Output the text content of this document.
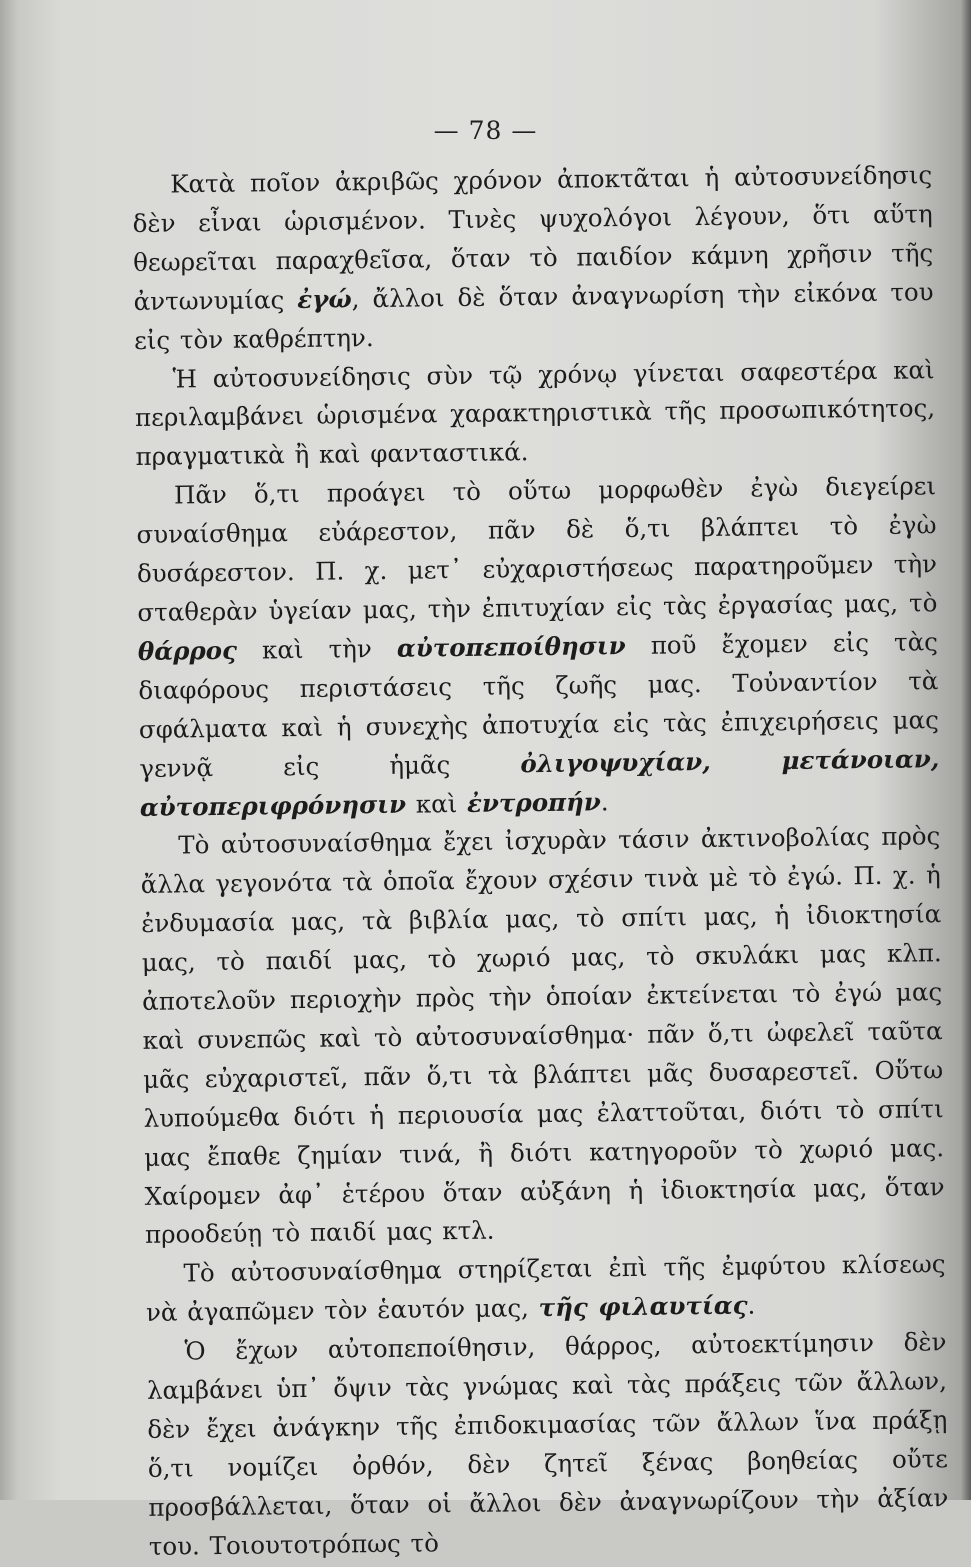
— 78 —

Κατὰ ποῖον ἀκριβῶς χρόνον ἀποκτᾶται ἡ αὐτοσυνείδησις δὲν εἶναι ὡρισμένον. Τινὲς ψυχολόγοι λέγουν, ὅτι αὕτη θεωρεῖται παραχθεῖσα, ὅταν τὸ παιδίον κάμνη χρῆσιν τῆς ἀντωνυμίας ἐγώ, ἄλλοι δὲ ὅταν ἀναγνωρίση τὴν εἰκόνα του εἰς τὸν καθρέπτην.

Ἡ αὐτοσυνείδησις σὺν τῷ χρόνῳ γίνεται σαφεστέρα καὶ περιλαμβάνει ὡρισμένα χαρακτηριστικὰ τῆς προσωπικότητος, πραγματικὰ ἢ καὶ φανταστικά.

Πᾶν ὅ,τι προάγει τὸ οὕτω μορφωθὲν ἐγὼ διεγείρει συναίσθημα εὐάρεστον, πᾶν δὲ ὅ,τι βλάπτει τὸ ἐγὼ δυσάρεστον. Π. χ. μετ᾽ εὐχαριστήσεως παρατηροῦμεν τὴν σταθερὰν ὑγείαν μας, τὴν ἐπιτυχίαν εἰς τὰς ἐργασίας μας, τὸ θάρρος καὶ τὴν αὐτοπεποίθησιν ποῦ ἔχομεν εἰς τὰς διαφόρους περιστάσεις τῆς ζωῆς μας. Τοὐναντίον τὰ σφάλματα καὶ ἡ συνεχὴς ἀποτυχία εἰς τὰς ἐπιχειρήσεις μας γεννᾷ εἰς ἡμᾶς ὀλιγοψυχίαν, μετάνοιαν, αὐτοπεριφρόνησιν καὶ ἐντροπήν.

Τὸ αὐτοσυναίσθημα ἔχει ἰσχυρὰν τάσιν ἀκτινοβολίας πρὸς ἄλλα γεγονότα τὰ ὁποῖα ἔχουν σχέσιν τινὰ μὲ τὸ ἐγώ. Π. χ. ἡ ἐνδυμασία μας, τὰ βιβλία μας, τὸ σπίτι μας, ἡ ἰδιοκτησία μας, τὸ παιδί μας, τὸ χωριό μας, τὸ σκυλάκι μας κλπ. ἀποτελοῦν περιοχὴν πρὸς τὴν ὁποίαν ἐκτείνεται τὸ ἐγώ μας καὶ συνεπῶς καὶ τὸ αὐτοσυναίσθημα· πᾶν ὅ,τι ὠφελεῖ ταῦτα μᾶς εὐχαριστεῖ, πᾶν ὅ,τι τὰ βλάπτει μᾶς δυσαρεστεῖ. Οὕτω λυπούμεθα διότι ἡ περιουσία μας ἐλαττοῦται, διότι τὸ σπίτι μας ἔπαθε ζημίαν τινά, ἢ διότι κατηγοροῦν τὸ χωριό μας. Χαίρομεν ἀφ᾽ ἑτέρου ὅταν αὐξάνη ἡ ἰδιοκτησία μας, ὅταν προοδεύῃ τὸ παιδί μας κτλ.

Τὸ αὐτοσυναίσθημα στηρίζεται ἐπὶ τῆς ἐμφύτου κλίσεως νὰ ἀγαπῶμεν τὸν ἑαυτόν μας, τῆς φιλαυτίας.

Ὁ ἔχων αὐτοπεποίθησιν, θάρρος, αὐτοεκτίμησιν δὲν λαμβάνει ὑπ᾽ ὄψιν τὰς γνώμας καὶ τὰς πράξεις τῶν ἄλλων, δὲν ἔχει ἀνάγκην τῆς ἐπιδοκιμασίας τῶν ἄλλων ἵνα πράξῃ ὅ,τι νομίζει ὀρθόν, δὲν ζητεῖ ξένας βοηθείας οὔτε προσβάλλεται, ὅταν οἱ ἄλλοι δὲν ἀναγνωρίζουν τὴν ἀξίαν του. Τοιουτοτρόπως τὸ
